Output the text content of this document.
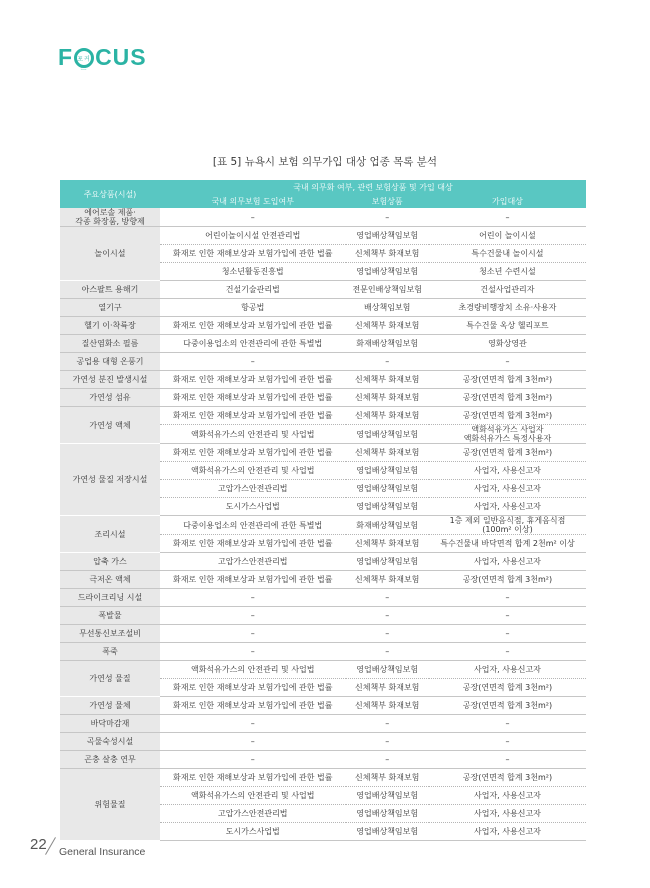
F 포커스 CUS
[표 5] 뉴욕시 보험 의무가입 대상 업종 목록 분석
주요상품(시설)	국내 의무화 여부, 관련 보험상품 및 가입 대상		
	국내 의무보험 도입여부	보험상품	가입대상
에어로솔 제품·
각종 화장품, 방향제	–	–	–
놀이시설	어린이놀이시설 안전관리법	영업배상책임보험	어린이 놀이시설
	화재로 인한 재해보상과 보험가입에 관한 법률	신체책부 화재보험	특수건물내 놀이시설
	청소년활동진흥법	영업배상책임보험	청소년 수련시설
아스팔트 용해기	건설기술관리법	전문인배상책임보험	건설사업관리자
열기구	항공법	배상책임보험	초경량비행장치 소유·사용자
헬기 이·착륙장	화재로 인한 재해보상과 보험가입에 관한 법률	신체책부 화재보험	특수건물 옥상 헬리포트
질산염화소 필름	다중이용업소의 안전관리에 관한 특별법	화재배상책임보험	영화상영관
공업용 대형 온풍기	–	–	–
가연성 분진 발생시설	화재로 인한 재해보상과 보험가입에 관한 법률	신체책부 화재보험	공장(연면적 합계 3천m²)
가연성 섬유	화재로 인한 재해보상과 보험가입에 관한 법률	신체책부 화재보험	공장(연면적 합계 3천m²)
가연성 액체	화재로 인한 재해보상과 보험가입에 관한 법률	신체책부 화재보험	공장(연면적 합계 3천m²)
	액화석유가스의 안전관리 및 사업법	영업배상책임보험	액화석유가스 사업자
액화석유가스 특정사용자
가연성 물질 저장시설	화재로 인한 재해보상과 보험가입에 관한 법률	신체책부 화재보험	공장(연면적 합계 3천m²)
	액화석유가스의 안전관리 및 사업법	영업배상책임보험	사업자, 사용신고자
	고압가스안전관리법	영업배상책임보험	사업자, 사용신고자
	도시가스사업법	영업배상책임보험	사업자, 사용신고자
조리시설	다중이용업소의 안전관리에 관한 특별법	화재배상책임보험	1층 제외 일반음식점, 휴게음식점
(100m² 이상)
	화재로 인한 재해보상과 보험가입에 관한 법률	신체책부 화재보험	특수건물내 바닥면적 합계 2천m² 이상
압축 가스	고압가스안전관리법	영업배상책임보험	사업자, 사용신고자
극저온 액체	화재로 인한 재해보상과 보험가입에 관한 법률	신체책부 화재보험	공장(연면적 합계 3천m²)
드라이크리닝 시설	–	–	–
폭발물	–	–	–
무선통신보조설비	–	–	–
폭죽	–	–	–
가연성 물질	액화석유가스의 안전관리 및 사업법	영업배상책임보험	사업자, 사용신고자
	화재로 인한 재해보상과 보험가입에 관한 법률	신체책부 화재보험	공장(연면적 합계 3천m²)
가연성 물체	화재로 인한 재해보상과 보험가입에 관한 법률	신체책부 화재보험	공장(연면적 합계 3천m²)
바닥마감재	–	–	–
곡물숙성시설	–	–	–
곤충 살충 연무	–	–	–
위험물질	화재로 인한 재해보상과 보험가입에 관한 법률	신체책부 화재보험	공장(연면적 합계 3천m²)
	액화석유가스의 안전관리 및 사업법	영업배상책임보험	사업자, 사용신고자
	고압가스안전관리법	영업배상책임보험	사업자, 사용신고자
	도시가스사업법	영업배상책임보험	사업자, 사용신고자
22 General Insurance
